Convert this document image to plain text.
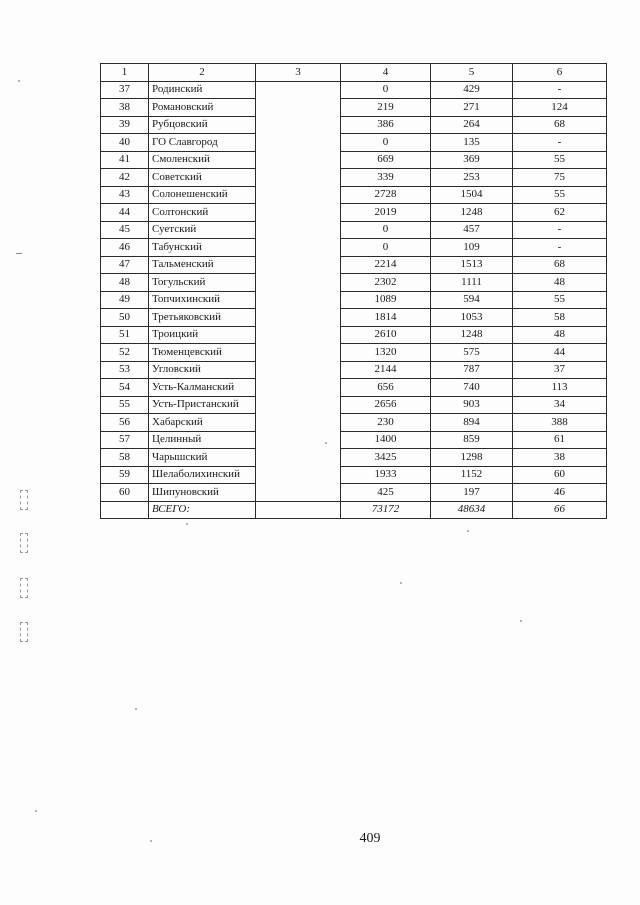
1	2	3	4	5	6
37	Родинский		0	429	-
38	Романовский		219	271	124
39	Рубцовский		386	264	68
40	ГО Славгород		0	135	-
41	Смоленский		669	369	55
42	Советский		339	253	75
43	Солонешенский		2728	1504	55
44	Солтонский		2019	1248	62
45	Суетский		0	457	-
46	Табунский		0	109	-
47	Тальменский		2214	1513	68
48	Тогульский		2302	1111	48
49	Топчихинский		1089	594	55
50	Третьяковский		1814	1053	58
51	Троицкий		2610	1248	48
52	Тюменцевский		1320	575	44
53	Угловский		2144	787	37
54	Усть-Калманский		656	740	113
55	Усть-Пристанский		2656	903	34
56	Хабарский		230	894	388
57	Целинный		1400	859	61
58	Чарышский		3425	1298	38
59	Шелаболихинский		1933	1152	60
60	Шипуновский		425	197	46
	ВСЕГО:		73172	48634	66
409
